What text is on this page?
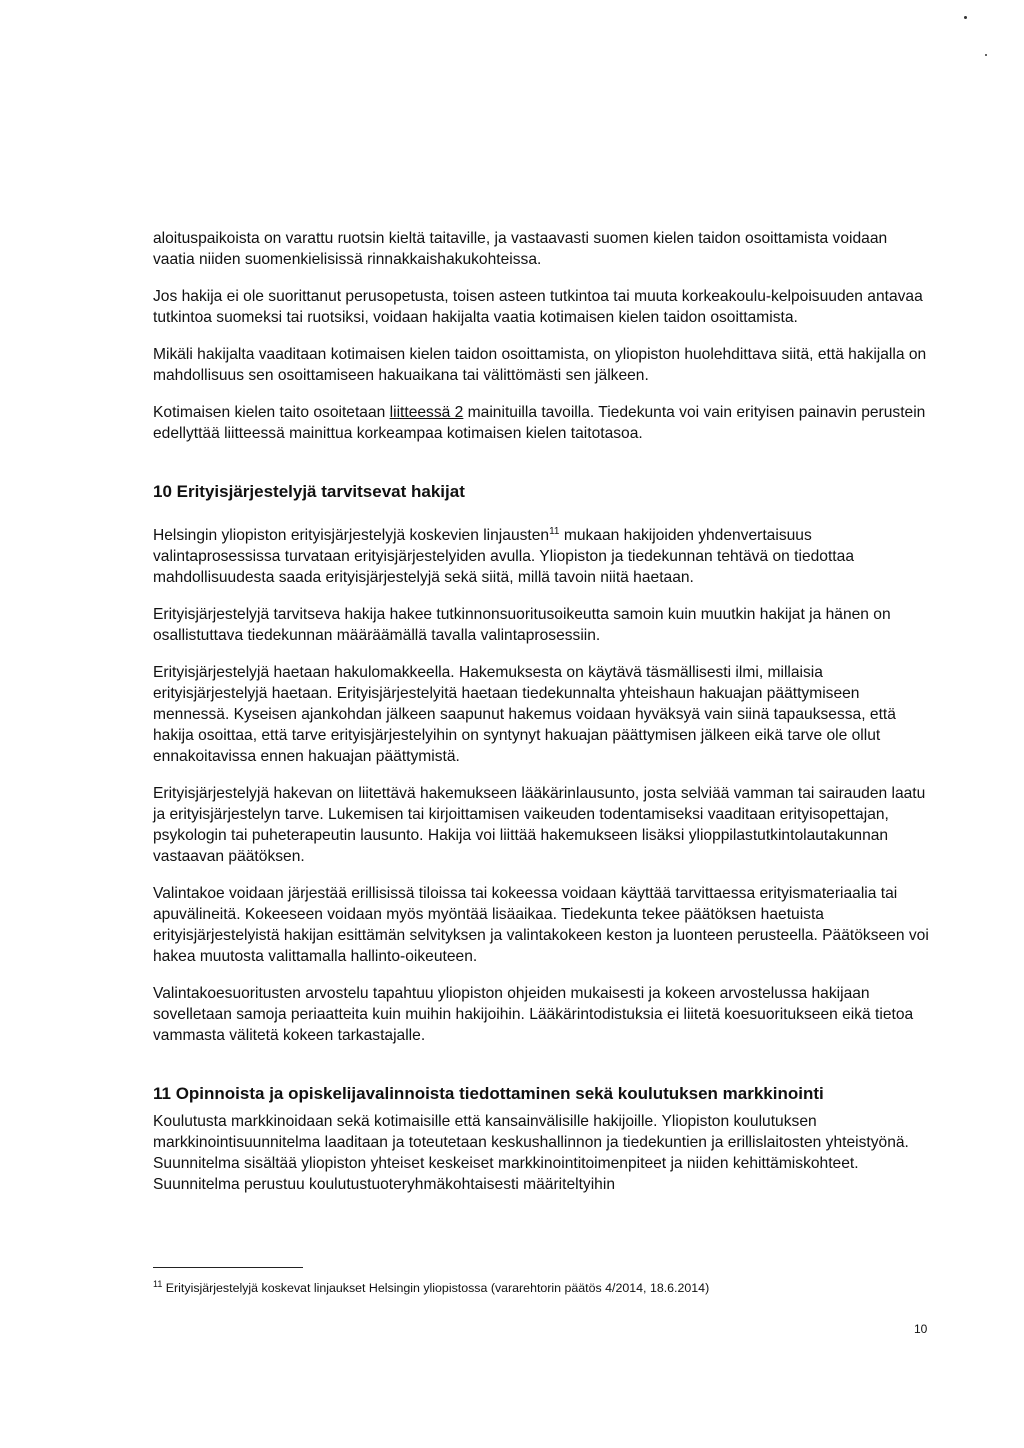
aloituspaikoista on varattu ruotsin kieltä taitaville, ja vastaavasti suomen kielen taidon osoittamista voidaan vaatia niiden suomenkielisissä rinnakkaishakukohteissa.

Jos hakija ei ole suorittanut perusopetusta, toisen asteen tutkintoa tai muuta korkeakoulu-kelpoisuuden antavaa tutkintoa suomeksi tai ruotsiksi, voidaan hakijalta vaatia kotimaisen kielen taidon osoittamista.

Mikäli hakijalta vaaditaan kotimaisen kielen taidon osoittamista, on yliopiston huolehdittava siitä, että hakijalla on mahdollisuus sen osoittamiseen hakuaikana tai välittömästi sen jälkeen.

Kotimaisen kielen taito osoitetaan liitteessä 2 mainituilla tavoilla. Tiedekunta voi vain erityisen painavin perustein edellyttää liitteessä mainittua korkeampaa kotimaisen kielen taitotasoa.

10 Erityisjärjestelyjä tarvitsevat hakijat

Helsingin yliopiston erityisjärjestelyjä koskevien linjausten$^{11}$ mukaan hakijoiden yhdenvertaisuus valintaprosessissa turvataan erityisjärjestelyiden avulla. Yliopiston ja tiedekunnan tehtävä on tiedottaa mahdollisuudesta saada erityisjärjestelyjä sekä siitä, millä tavoin niitä haetaan.

Erityisjärjestelyjä tarvitseva hakija hakee tutkinnonsuoritusoikeutta samoin kuin muutkin hakijat ja hänen on osallistuttava tiedekunnan määräämällä tavalla valintaprosessiin.

Erityisjärjestelyjä haetaan hakulomakkeella. Hakemuksesta on käytävä täsmällisesti ilmi, millaisia erityisjärjestelyjä haetaan. Erityisjärjestelyitä haetaan tiedekunnalta yhteishaun hakuajan päättymiseen mennessä. Kyseisen ajankohdan jälkeen saapunut hakemus voidaan hyväksyä vain siinä tapauksessa, että hakija osoittaa, että tarve erityisjärjestelyihin on syntynyt hakuajan päättymisen jälkeen eikä tarve ole ollut ennakoitavissa ennen hakuajan päättymistä.

Erityisjärjestelyjä hakevan on liitettävä hakemukseen lääkärinlausunto, josta selviää vamman tai sairauden laatu ja erityisjärjestelyn tarve. Lukemisen tai kirjoittamisen vaikeuden todentamiseksi vaaditaan erityisopettajan, psykologin tai puheterapeutin lausunto. Hakija voi liittää hakemukseen lisäksi ylioppilastutkintolautakunnan vastaavan päätöksen.

Valintakoe voidaan järjestää erillisissä tiloissa tai kokeessa voidaan käyttää tarvittaessa erityismateriaalia tai apuvälineitä. Kokeeseen voidaan myös myöntää lisäaikaa. Tiedekunta tekee päätöksen haetuista erityisjärjestelyistä hakijan esittämän selvityksen ja valintakokeen keston ja luonteen perusteella. Päätökseen voi hakea muutosta valittamalla hallinto-oikeuteen.

Valintakoesuoritusten arvostelu tapahtuu yliopiston ohjeiden mukaisesti ja kokeen arvostelussa hakijaan sovelletaan samoja periaatteita kuin muihin hakijoihin. Lääkärintodistuksia ei liitetä koesuoritukseen eikä tietoa vammasta välitetä kokeen tarkastajalle.

11 Opinnoista ja opiskelijavalinnoista tiedottaminen sekä koulutuksen markkinointi

Koulutusta markkinoidaan sekä kotimaisille että kansainvälisille hakijoille. Yliopiston koulutuksen markkinointisuunnitelma laaditaan ja toteutetaan keskushallinnon ja tiedekuntien ja erillislaitosten yhteistyönä. Suunnitelma sisältää yliopiston yhteiset keskeiset markkinointitoimenpiteet ja niiden kehittämiskohteet. Suunnitelma perustuu koulutustuoteryhmäkohtaisesti määriteltyihin

$^{11}$ Erityisjärjestelyjä koskevat linjaukset Helsingin yliopistossa (vararehtorin päätös 4/2014, 18.6.2014)
10
